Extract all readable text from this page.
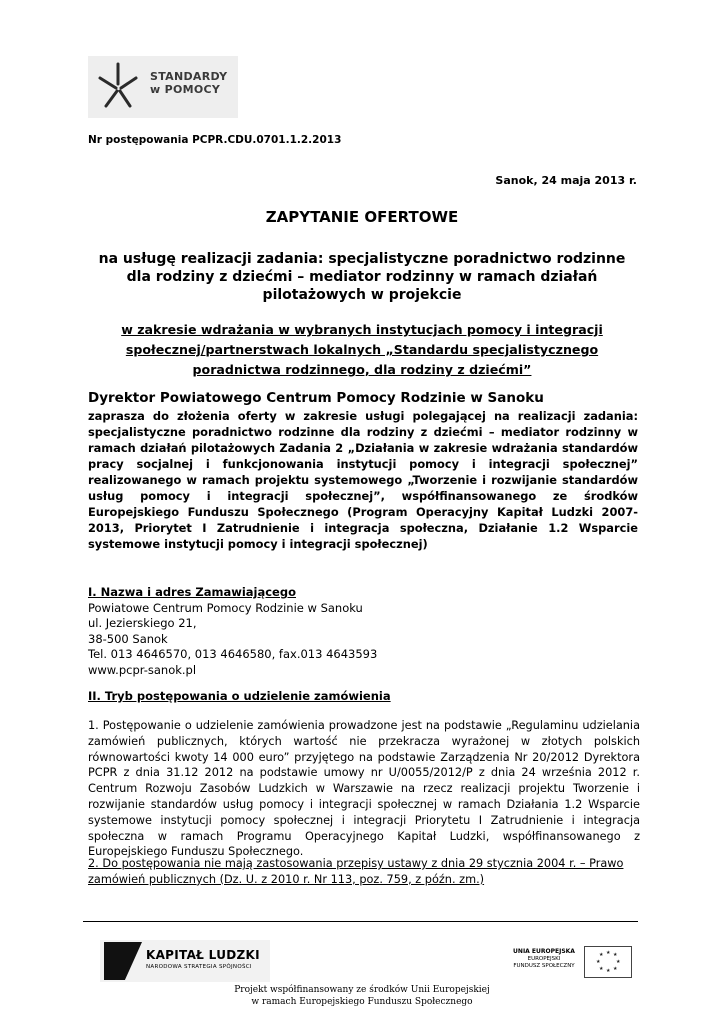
STANDARDY
w POMOCY
Nr postępowania PCPR.CDU.0701.1.2.2013
Sanok, 24 maja 2013 r.
ZAPYTANIE OFERTOWE
na usługę realizacji zadania: specjalistyczne poradnictwo rodzinne
dla rodziny z dziećmi – mediator rodzinny w ramach działań
pilotażowych w projekcie
w zakresie wdrażania w wybranych instytucjach pomocy i integracji
społecznej/partnerstwach lokalnych „Standardu specjalistycznego
poradnictwa rodzinnego, dla rodziny z dziećmi”
Dyrektor Powiatowego Centrum Pomocy Rodzinie w Sanoku
zaprasza do złożenia oferty w zakresie usługi polegającej na realizacji zadania: specjalistyczne poradnictwo rodzinne dla rodziny z dziećmi – mediator rodzinny w ramach działań pilotażowych Zadania 2 „Działania w zakresie wdrażania standardów pracy socjalnej i funkcjonowania instytucji pomocy i integracji społecznej” realizowanego w ramach projektu systemowego „Tworzenie i rozwijanie standardów usług pomocy i integracji społecznej”, współfinansowanego ze środków Europejskiego Funduszu Społecznego (Program Operacyjny Kapitał Ludzki 2007-2013, Priorytet I Zatrudnienie i integracja społeczna, Działanie 1.2 Wsparcie systemowe instytucji pomocy i integracji społecznej)
I. Nazwa i adres Zamawiającego
Powiatowe Centrum Pomocy Rodzinie w Sanoku
ul. Jezierskiego 21,
38-500 Sanok
Tel. 013 4646570, 013 4646580, fax.013 4643593
www.pcpr-sanok.pl
II. Tryb postępowania o udzielenie zamówienia
1. Postępowanie o udzielenie zamówienia prowadzone jest na podstawie „Regulaminu udzielania zamówień publicznych, których wartość nie przekracza wyrażonej w złotych polskich równowartości kwoty 14 000 euro” przyjętego na podstawie Zarządzenia Nr 20/2012 Dyrektora PCPR z dnia 31.12 2012 na podstawie umowy nr U/0055/2012/P z dnia 24 września 2012 r. Centrum Rozwoju Zasobów Ludzkich w Warszawie na rzecz realizacji projektu Tworzenie i rozwijanie standardów usług pomocy i integracji społecznej w ramach Działania 1.2 Wsparcie systemowe instytucji pomocy społecznej i integracji Priorytetu I Zatrudnienie i integracja społeczna w ramach Programu Operacyjnego Kapitał Ludzki, współfinansowanego z Europejskiego Funduszu Społecznego.
2. Do postępowania nie mają zastosowania przepisy ustawy z dnia 29 stycznia 2004 r. – Prawo zamówień publicznych (Dz. U. z 2010 r. Nr 113, poz. 759, z późn. zm.)
KAPITAŁ LUDZKI
NARODOWA STRATEGIA SPÓJNOŚCI
UNIA EUROPEJSKA
EUROPEJSKI
FUNDUSZ SPOŁECZNY
★ ★
★
★
★
★
★
★
Projekt współfinansowany ze środków Unii Europejskiej
w ramach Europejskiego Funduszu Społecznego
